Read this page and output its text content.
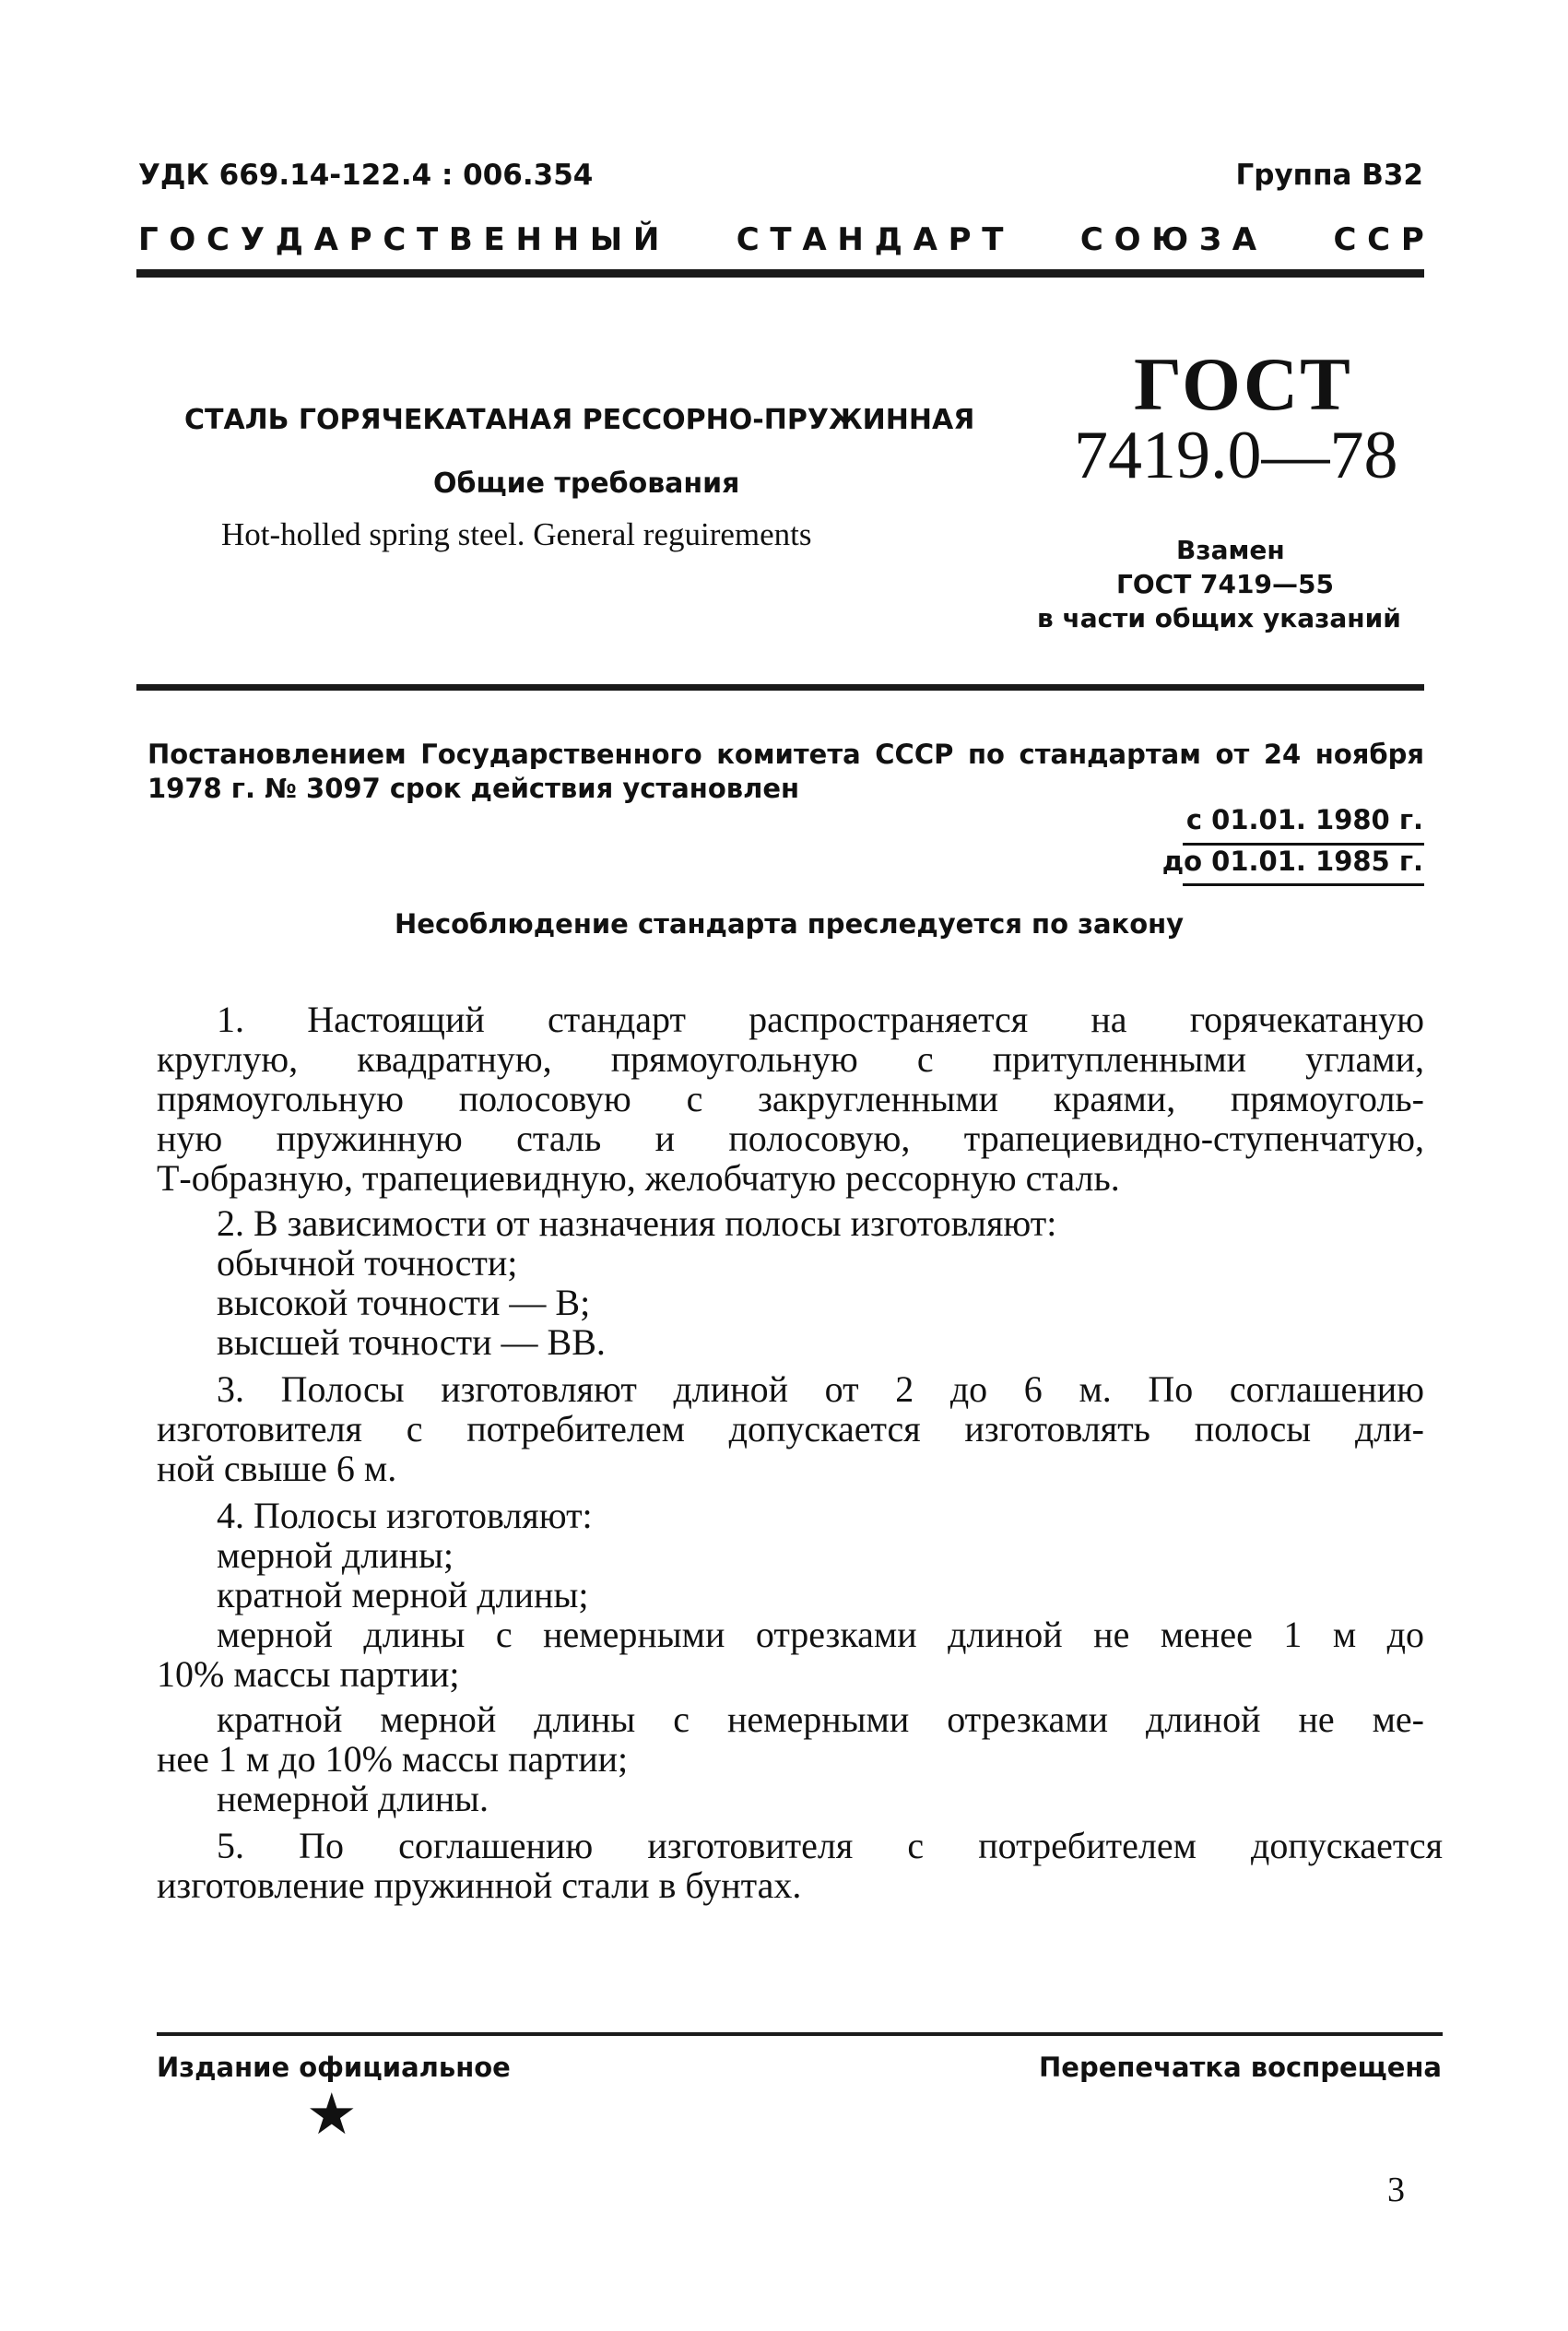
УДК 669.14-122.4 : 006.354	Группа В32
Г О С У Д А Р С Т В Е Н Н Ы Й С Т А Н Д А Р Т С О Ю З А С С Р
СТАЛЬ ГОРЯЧЕКАТАНАЯ РЕССОРНО-ПРУЖИННАЯ
Общие требования
Hot-holled spring steel. General reguirements
ГОСТ
7419.0—78
Взамен
ГОСТ 7419—55
в части общих указаний
Постановлением Государственного комитета СССР по стандартам от 24 ноября
1978 г. № 3097 срок действия установлен
с 01.01. 1980 г.
до 01.01. 1985 г.
Несоблюдение стандарта преследуется по закону
1. Настоящий стандарт распространяется на горячекатаную
круглую, квадратную, прямоугольную с притупленными углами,
прямоугольную полосовую с закругленными краями, прямоуголь-
ную пружинную сталь и полосовую, трапециевидно-ступенчатую,
Т-образную, трапециевидную, желобчатую рессорную сталь.
2. В зависимости от назначения полосы изготовляют:
обычной точности;
высокой точности — В;
высшей точности — ВВ.
3. Полосы изготовляют длиной от 2 до 6 м. По соглашению
изготовителя с потребителем допускается изготовлять полосы дли-
ной свыше 6 м.
4. Полосы изготовляют:
мерной длины;
кратной мерной длины;
мерной длины с немерными отрезками длиной не менее 1 м до
10% массы партии;
кратной мерной длины с немерными отрезками длиной не ме-
нее 1 м до 10% массы партии;
немерной длины.
5. По соглашению изготовителя с потребителем допускается
изготовление пружинной стали в бунтах.
Издание официальное	Перепечатка воспрещена
★
3
